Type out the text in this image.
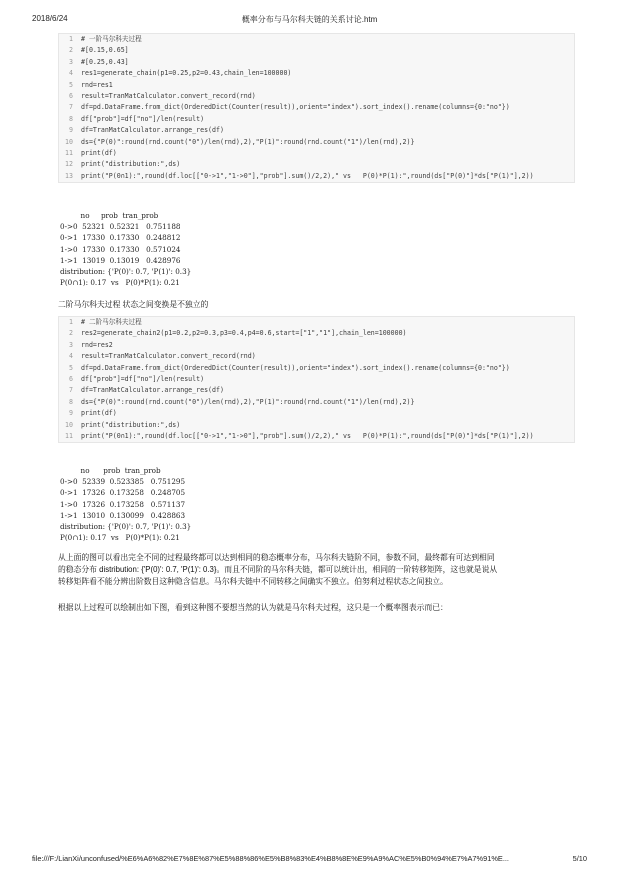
2018/6/24	概率分布与马尔科夫链的关系讨论.htm
1 # 一阶马尔科夫过程
2 #[0.15,0.65]
3 #[0.25,0.43]
4 res1=generate_chain(p1=0.25,p2=0.43,chain_len=100000)
5 rnd=res1
6 result=TranMatCalculator.convert_record(rnd)
7 df=pd.DataFrame.from_dict(OrderedDict(Counter(result)),orient="index").sort_index().rename(columns={0:"no"})
8 df["prob"]=df["no"]/len(result)
9 df=TranMatCalculator.arrange_res(df)
10 ds={"P(0)":round(rnd.count("0")/len(rnd),2),"P(1)":round(rnd.count("1")/len(rnd),2)}
11 print(df)
12 print("distribution:",ds)
13 print("P(0∩1):",round(df.loc[["0->1","1->0"],"prob"].sum()/2,2)," vs   P(0)*P(1):",round(ds["P(0)"]*ds["P(1)"],2))
no     prob  tran_prob
0->0  52321  0.52321   0.751188
0->1  17330  0.17330   0.248812
1->0  17330  0.17330   0.571024
1->1  13019  0.13019   0.428976
distribution: {'P(0)': 0.7, 'P(1)': 0.3}
P(0∩1): 0.17  vs   P(0)*P(1): 0.21
二阶马尔科夫过程 状态之间变换是不独立的
1 # 二阶马尔科夫过程
2 res2=generate_chain2(p1=0.2,p2=0.3,p3=0.4,p4=0.6,start=["1","1"],chain_len=100000)
3 rnd=res2
4 result=TranMatCalculator.convert_record(rnd)
5 df=pd.DataFrame.from_dict(OrderedDict(Counter(result)),orient="index").sort_index().rename(columns={0:"no"})
6 df["prob"]=df["no"]/len(result)
7 df=TranMatCalculator.arrange_res(df)
8 ds={"P(0)":round(rnd.count("0")/len(rnd),2),"P(1)":round(rnd.count("1")/len(rnd),2)}
9 print(df)
10 print("distribution:",ds)
11 print("P(0∩1):",round(df.loc[["0->1","1->0"],"prob"].sum()/2,2)," vs   P(0)*P(1):",round(ds["P(0)"]*ds["P(1)"],2))
no      prob  tran_prob
0->0  52339  0.523385   0.751295
0->1  17326  0.173258   0.248705
1->0  17326  0.173258   0.571137
1->1  13010  0.130099   0.428863
distribution: {'P(0)': 0.7, 'P(1)': 0.3}
P(0∩1): 0.17  vs   P(0)*P(1): 0.21
从上面的图可以看出完全不同的过程最终都可以达到相同的稳态概率分布，马尔科夫链阶不同，参数不同，最终都有可达到相同的稳态分布 distribution: {'P(0)': 0.7, 'P(1)': 0.3}。而且不同阶的马尔科夫链，都可以统计出，相同的一阶转移矩阵，这也就是说从转移矩阵看不能分辨出阶数目这种隐含信息。马尔科夫链中不同转移之间确实不独立。伯努利过程状态之间独立。
根据以上过程可以绘制出如下图，看到这种图不要想当然的认为就是马尔科夫过程，这只是一个概率图表示而已：
file:///F:/LianXi/unconfused/%E6%A6%82%E7%8E%87%E5%88%86%E5%B8%83%E4%B8%8E%E9%A9%AC%E5%B0%94%E7%A7%91%E...	5/10
